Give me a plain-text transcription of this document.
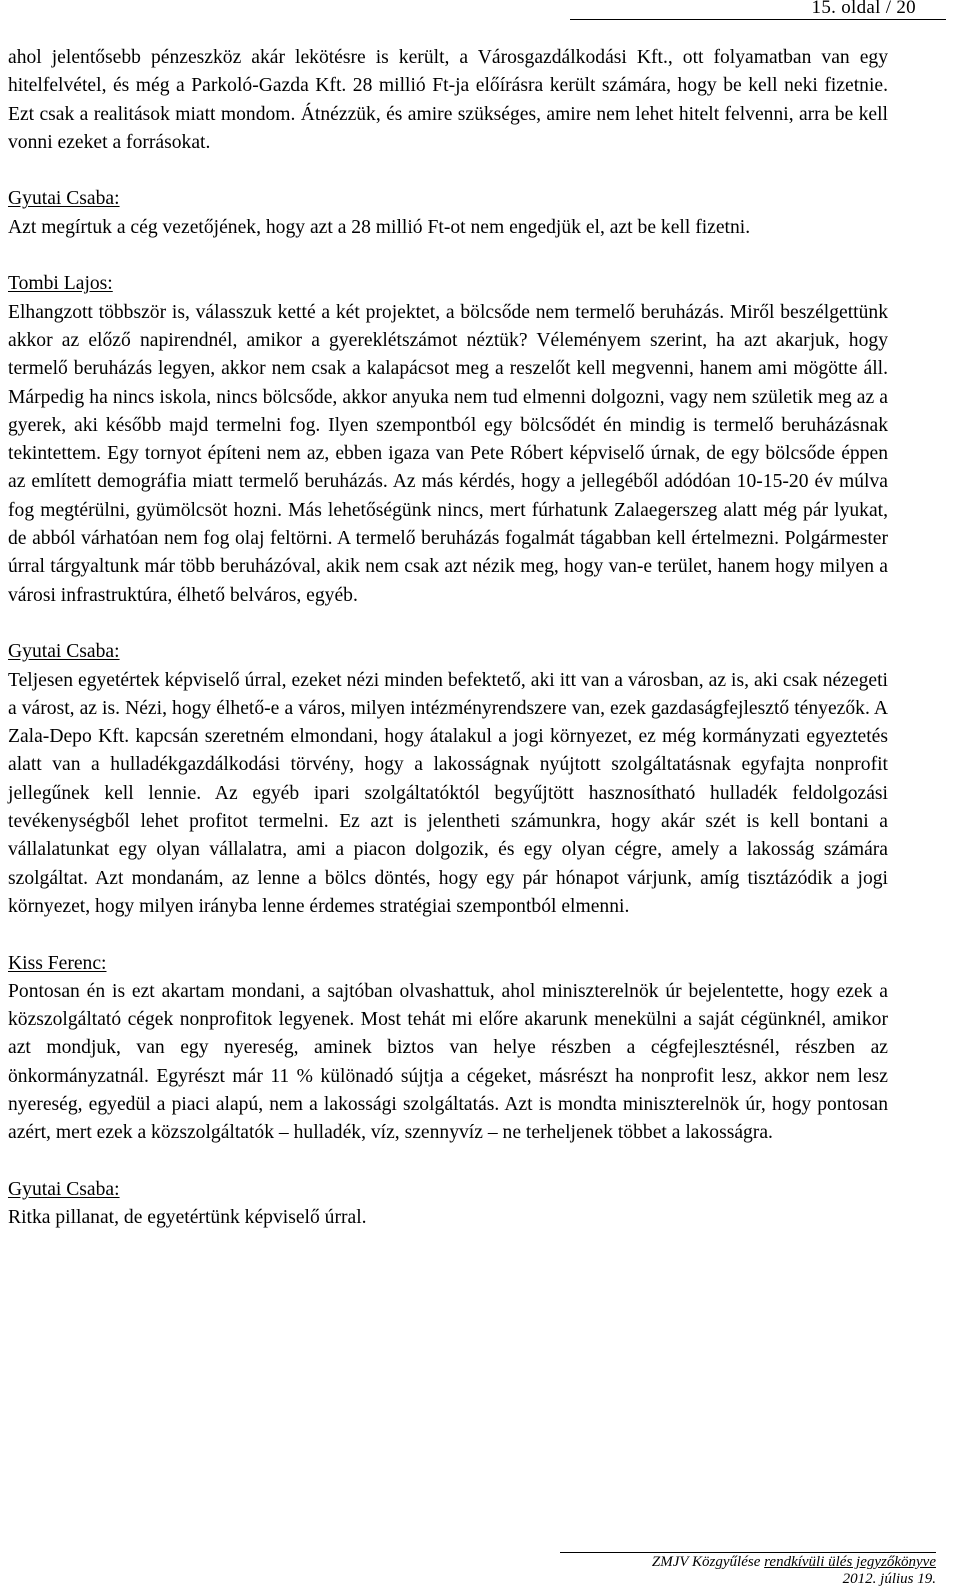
15. oldal / 20

ahol jelentősebb pénzeszköz akár lekötésre is került, a Városgazdálkodási Kft., ott folyamatban van egy hitelfelvétel, és még a Parkoló-Gazda Kft. 28 millió Ft-ja előírásra került számára, hogy be kell neki fizetnie. Ezt csak a realitások miatt mondom. Átnézzük, és amire szükséges, amire nem lehet hitelt felvenni, arra be kell vonni ezeket a forrásokat.

Gyutai Csaba:

Azt megírtuk a cég vezetőjének, hogy azt a 28 millió Ft-ot nem engedjük el, azt be kell fizetni.

Tombi Lajos:

Elhangzott többször is, válasszuk ketté a két projektet, a bölcsőde nem termelő beruházás. Miről beszélgettünk akkor az előző napirendnél, amikor a gyereklétszámot néztük? Véleményem szerint, ha azt akarjuk, hogy termelő beruházás legyen, akkor nem csak a kalapácsot meg a reszelőt kell megvenni, hanem ami mögötte áll. Márpedig ha nincs iskola, nincs bölcsőde, akkor anyuka nem tud elmenni dolgozni, vagy nem születik meg az a gyerek, aki később majd termelni fog. Ilyen szempontból egy bölcsődét én mindig is termelő beruházásnak tekintettem. Egy tornyot építeni nem az, ebben igaza van Pete Róbert képviselő úrnak, de egy bölcsőde éppen az említett demográfia miatt termelő beruházás. Az más kérdés, hogy a jellegéből adódóan 10-15-20 év múlva fog megtérülni, gyümölcsöt hozni. Más lehetőségünk nincs, mert fúrhatunk Zalaegerszeg alatt még pár lyukat, de abból várhatóan nem fog olaj feltörni. A termelő beruházás fogalmát tágabban kell értelmezni. Polgármester úrral tárgyaltunk már több beruházóval, akik nem csak azt nézik meg, hogy van-e terület, hanem hogy milyen a városi infrastruktúra, élhető belváros, egyéb.

Gyutai Csaba:

Teljesen egyetértek képviselő úrral, ezeket nézi minden befektető, aki itt van a városban, az is, aki csak nézegeti a várost, az is. Nézi, hogy élhető-e a város, milyen intézményrendszere van, ezek gazdaságfejlesztő tényezők. A Zala-Depo Kft. kapcsán szeretném elmondani, hogy átalakul a jogi környezet, ez még kormányzati egyeztetés alatt van a hulladékgazdálkodási törvény, hogy a lakosságnak nyújtott szolgáltatásnak egyfajta nonprofit jellegűnek kell lennie. Az egyéb ipari szolgáltatóktól begyűjtött hasznosítható hulladék feldolgozási tevékenységből lehet profitot termelni. Ez azt is jelentheti számunkra, hogy akár szét is kell bontani a vállalatunkat egy olyan vállalatra, ami a piacon dolgozik, és egy olyan cégre, amely a lakosság számára szolgáltat. Azt mondanám, az lenne a bölcs döntés, hogy egy pár hónapot várjunk, amíg tisztázódik a jogi környezet, hogy milyen irányba lenne érdemes stratégiai szempontból elmenni.

Kiss Ferenc:

Pontosan én is ezt akartam mondani, a sajtóban olvashattuk, ahol miniszterelnök úr bejelentette, hogy ezek a közszolgáltató cégek nonprofitok legyenek. Most tehát mi előre akarunk menekülni a saját cégünknél, amikor azt mondjuk, van egy nyereség, aminek biztos van helye részben a cégfejlesztésnél, részben az önkormányzatnál. Egyrészt már 11 % különadó sújtja a cégeket, másrészt ha nonprofit lesz, akkor nem lesz nyereség, egyedül a piaci alapú, nem a lakossági szolgáltatás. Azt is mondta miniszterelnök úr, hogy pontosan azért, mert ezek a közszolgáltatók – hulladék, víz, szennyvíz – ne terheljenek többet a lakosságra.

Gyutai Csaba:

Ritka pillanat, de egyetértünk képviselő úrral.

ZMJV Közgyűlése rendkívüli ülés jegyzőkönyve
2012. július 19.
